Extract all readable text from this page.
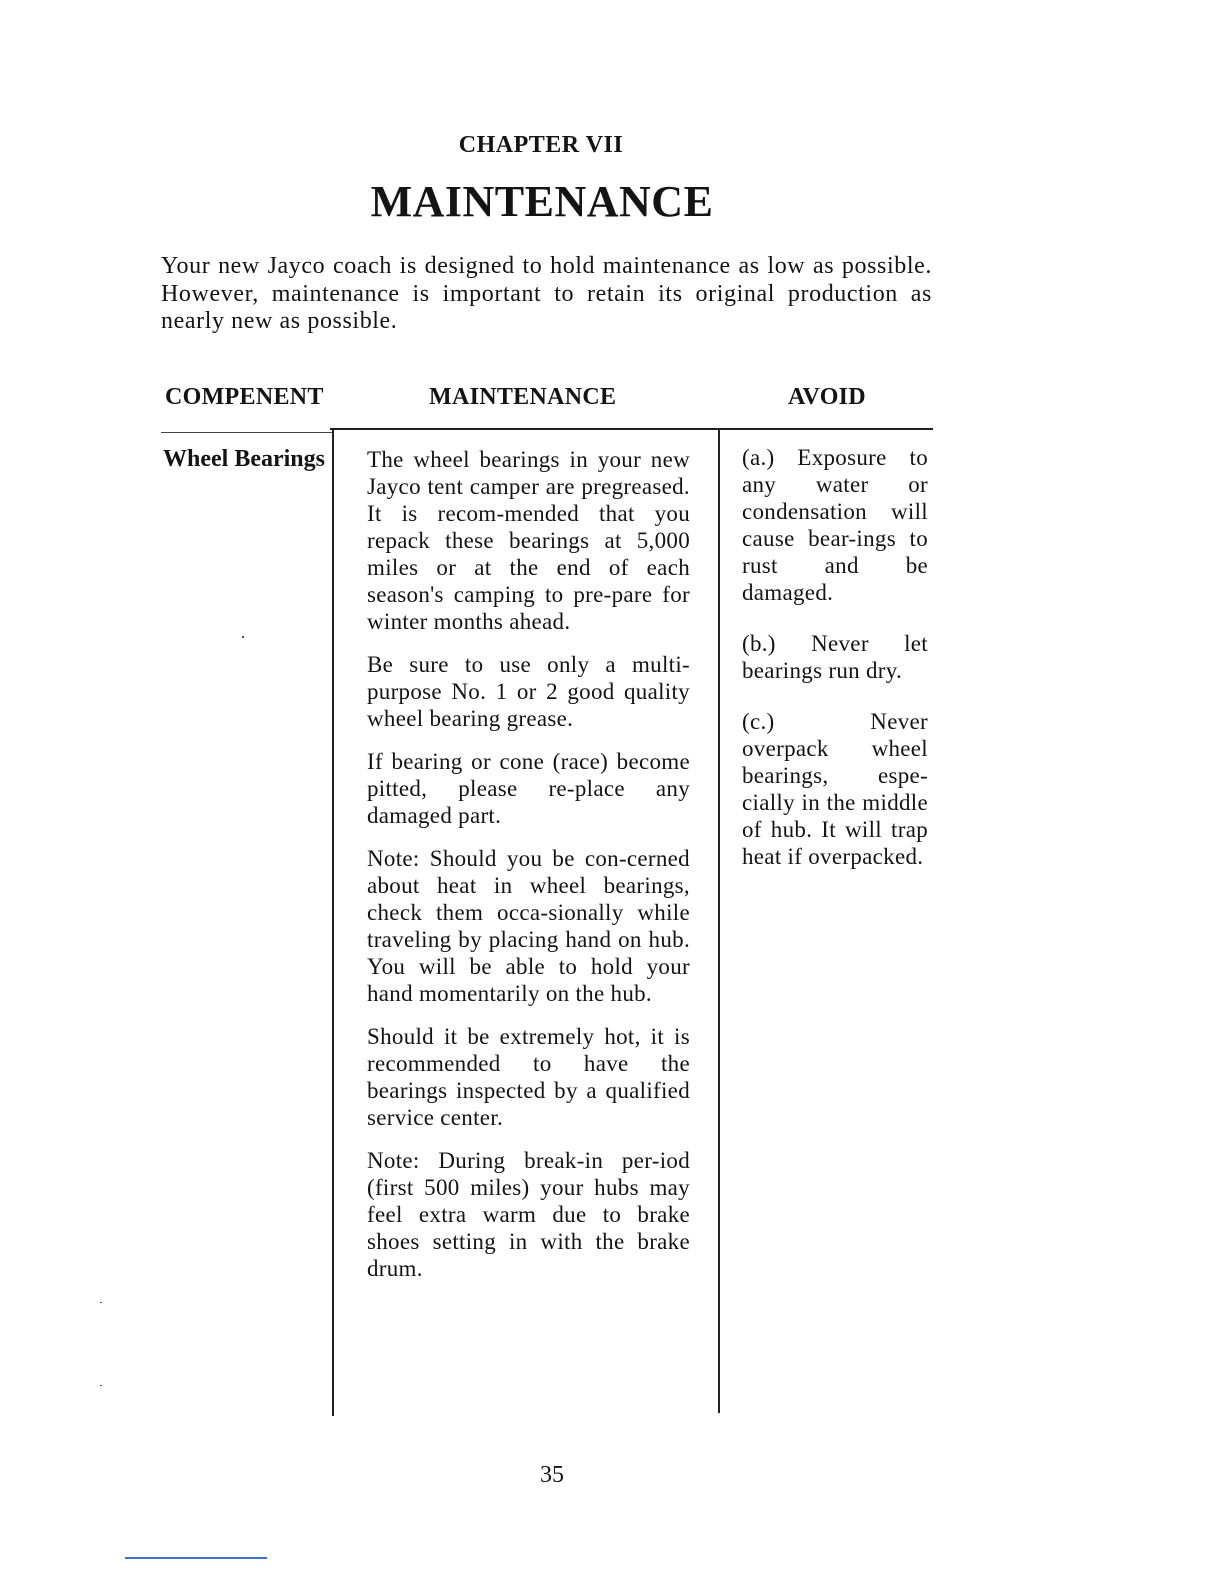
CHAPTER VII
MAINTENANCE
Your new Jayco coach is designed to hold maintenance as low as possible. However, maintenance is important to retain its original production as nearly new as possible.
COMPENENT	MAINTENANCE	AVOID
Wheel Bearings The wheel bearings in your new Jayco tent camper are pregreased. It is recom-mended that you repack these bearings at 5,000 miles or at the end of each season's camping to pre-pare for winter months ahead.

Be sure to use only a multi-purpose No. 1 or 2 good quality wheel bearing grease.

If bearing or cone (race) become pitted, please re-place any damaged part.

Note: Should you be con-cerned about heat in wheel bearings, check them occa-sionally while traveling by placing hand on hub. You will be able to hold your hand momentarily on the hub.

Should it be extremely hot, it is recommended to have the bearings inspected by a qualified service center.

Note: During break-in per-iod (first 500 miles) your hubs may feel extra warm due to brake shoes setting in with the brake drum.

(a.) Exposure to any water or condensation will cause bear-ings to rust and be damaged.

(b.) Never let bearings run dry.

(c.) Never overpack wheel bearings, espe-cially in the middle of hub. It will trap heat if overpacked.

35
